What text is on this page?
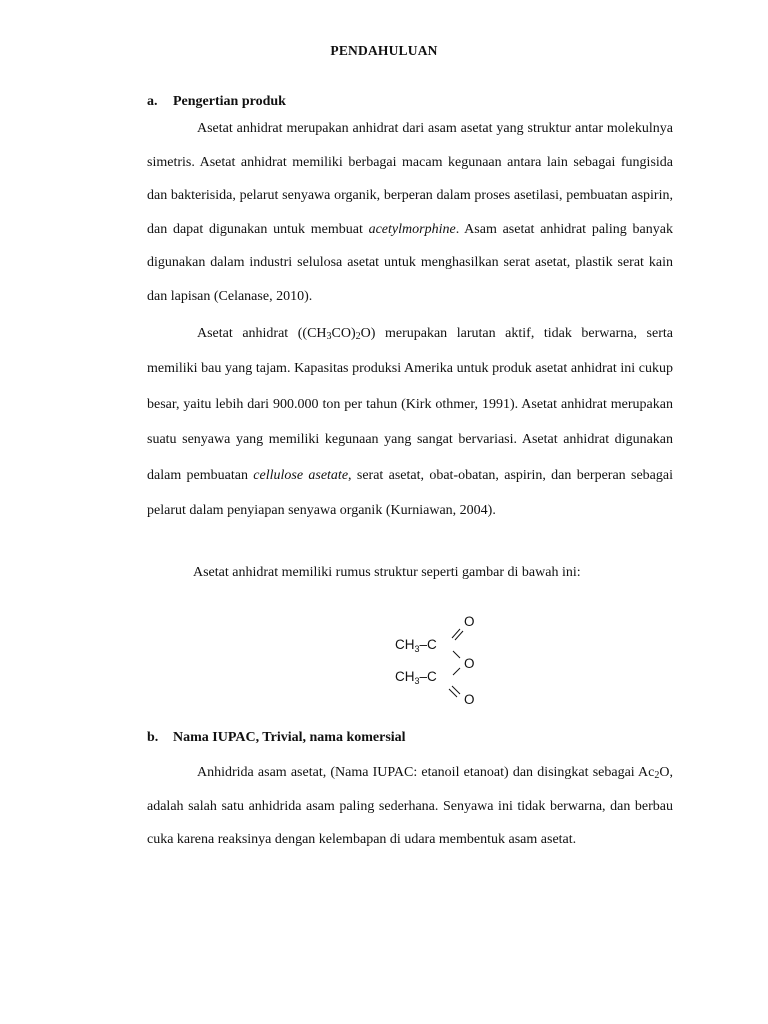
PENDAHULUAN
a. Pengertian produk

Asetat anhidrat merupakan anhidrat dari asam asetat yang struktur antar molekulnya simetris. Asetat anhidrat memiliki berbagai macam kegunaan antara lain sebagai fungisida dan bakterisida, pelarut senyawa organik, berperan dalam proses asetilasi, pembuatan aspirin, dan dapat digunakan untuk membuat acetylmorphine. Asam asetat anhidrat paling banyak digunakan dalam industri selulosa asetat untuk menghasilkan serat asetat, plastik serat kain dan lapisan (Celanase, 2010).

Asetat anhidrat $((CH_3CO)_2O)$ merupakan larutan aktif, tidak berwarna, serta memiliki bau yang tajam. Kapasitas produksi Amerika untuk produk asetat anhidrat ini cukup besar, yaitu lebih dari 900.000 ton per tahun (Kirk othmer, 1991). Asetat anhidrat merupakan suatu senyawa yang memiliki kegunaan yang sangat bervariasi. Asetat anhidrat digunakan dalam pembuatan cellulose asetate, serat asetat, obat-obatan, aspirin, dan berperan sebagai pelarut dalam penyiapan senyawa organik (Kurniawan, 2004).

Asetat anhidrat memiliki rumus struktur seperti gambar di bawah ini:
O
$CH_3-C$
O
$CH_3-C$
O
b. Nama IUPAC, Trivial, nama komersial

Anhidrida asam asetat, (Nama IUPAC: etanoil etanoat) dan disingkat sebagai $Ac_2O$, adalah salah satu anhidrida asam paling sederhana. Senyawa ini tidak berwarna, dan berbau cuka karena reaksinya dengan kelembapan di udara membentuk asam asetat.
